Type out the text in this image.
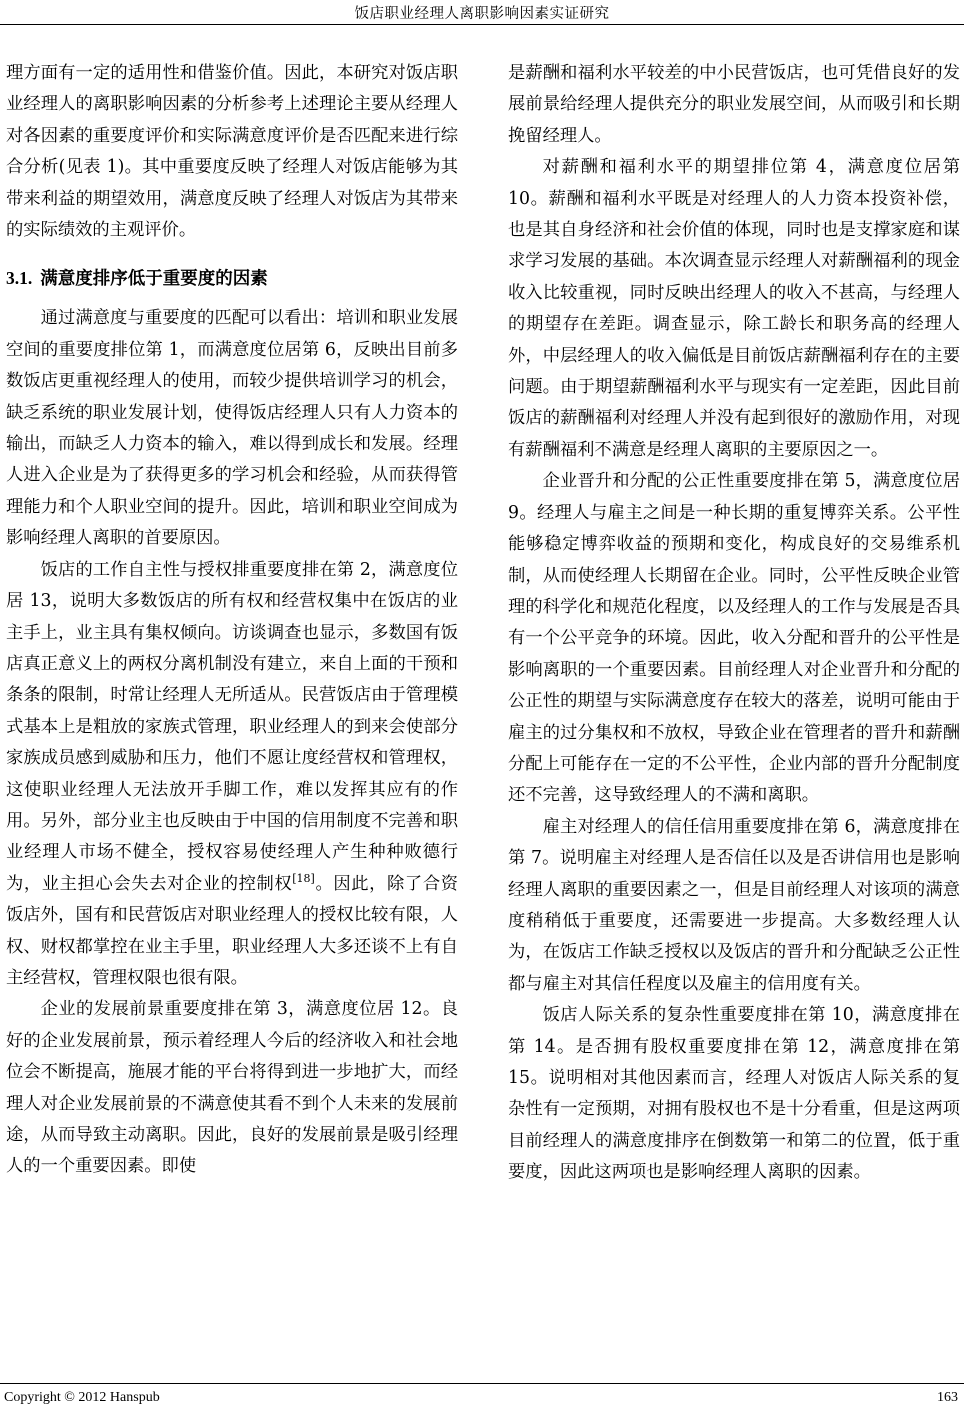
饭店职业经理人离职影响因素实证研究

理方面有一定的适用性和借鉴价值。因此，本研究对饭店职业经理人的离职影响因素的分析参考上述理论主要从经理人对各因素的重要度评价和实际满意度评价是否匹配来进行综合分析(见表 1)。其中重要度反映了经理人对饭店能够为其带来利益的期望效用，满意度反映了经理人对饭店为其带来的实际绩效的主观评价。

3.1. 满意度排序低于重要度的因素

通过满意度与重要度的匹配可以看出：培训和职业发展空间的重要度排位第 1，而满意度位居第 6，反映出目前多数饭店更重视经理人的使用，而较少提供培训学习的机会，缺乏系统的职业发展计划，使得饭店经理人只有人力资本的输出，而缺乏人力资本的输入，难以得到成长和发展。经理人进入企业是为了获得更多的学习机会和经验，从而获得管理能力和个人职业空间的提升。因此，培训和职业空间成为影响经理人离职的首要原因。

饭店的工作自主性与授权排重要度排在第 2，满意度位居 13，说明大多数饭店的所有权和经营权集中在饭店的业主手上，业主具有集权倾向。访谈调查也显示，多数国有饭店真正意义上的两权分离机制没有建立，来自上面的干预和条条的限制，时常让经理人无所适从。民营饭店由于管理模式基本上是粗放的家族式管理，职业经理人的到来会使部分家族成员感到威胁和压力，他们不愿让度经营权和管理权，这使职业经理人无法放开手脚工作，难以发挥其应有的作用。另外，部分业主也反映由于中国的信用制度不完善和职业经理人市场不健全，授权容易使经理人产生种种败德行为，业主担心会失去对企业的控制权[18]。因此，除了合资饭店外，国有和民营饭店对职业经理人的授权比较有限，人权、财权都掌控在业主手里，职业经理人大多还谈不上有自主经营权，管理权限也很有限。

企业的发展前景重要度排在第 3，满意度位居 12。良好的企业发展前景，预示着经理人今后的经济收入和社会地位会不断提高，施展才能的平台将得到进一步地扩大，而经理人对企业发展前景的不满意使其看不到个人未来的发展前途，从而导致主动离职。因此，良好的发展前景是吸引经理人的一个重要因素。即使

是薪酬和福利水平较差的中小民营饭店，也可凭借良好的发展前景给经理人提供充分的职业发展空间，从而吸引和长期挽留经理人。

对薪酬和福利水平的期望排位第 4，满意度位居第 10。薪酬和福利水平既是对经理人的人力资本投资补偿，也是其自身经济和社会价值的体现，同时也是支撑家庭和谋求学习发展的基础。本次调查显示经理人对薪酬福利的现金收入比较重视，同时反映出经理人的收入不甚高，与经理人的期望存在差距。调查显示，除工龄长和职务高的经理人外，中层经理人的收入偏低是目前饭店薪酬福利存在的主要问题。由于期望薪酬福利水平与现实有一定差距，因此目前饭店的薪酬福利对经理人并没有起到很好的激励作用，对现有薪酬福利不满意是经理人离职的主要原因之一。

企业晋升和分配的公正性重要度排在第 5，满意度位居 9。经理人与雇主之间是一种长期的重复博弈关系。公平性能够稳定博弈收益的预期和变化，构成良好的交易维系机制，从而使经理人长期留在企业。同时，公平性反映企业管理的科学化和规范化程度，以及经理人的工作与发展是否具有一个公平竞争的环境。因此，收入分配和晋升的公平性是影响离职的一个重要因素。目前经理人对企业晋升和分配的公正性的期望与实际满意度存在较大的落差，说明可能由于雇主的过分集权和不放权，导致企业在管理者的晋升和薪酬分配上可能存在一定的不公平性，企业内部的晋升分配制度还不完善，这导致经理人的不满和离职。

雇主对经理人的信任信用重要度排在第 6，满意度排在第 7。说明雇主对经理人是否信任以及是否讲信用也是影响经理人离职的重要因素之一，但是目前经理人对该项的满意度稍稍低于重要度，还需要进一步提高。大多数经理人认为，在饭店工作缺乏授权以及饭店的晋升和分配缺乏公正性都与雇主对其信任程度以及雇主的信用度有关。

饭店人际关系的复杂性重要度排在第 10，满意度排在第 14。是否拥有股权重要度排在第 12，满意度排在第 15。说明相对其他因素而言，经理人对饭店人际关系的复杂性有一定预期，对拥有股权也不是十分看重，但是这两项目前经理人的满意度排序在倒数第一和第二的位置，低于重要度，因此这两项也是影响经理人离职的因素。

Copyright © 2012 Hanspub	163
